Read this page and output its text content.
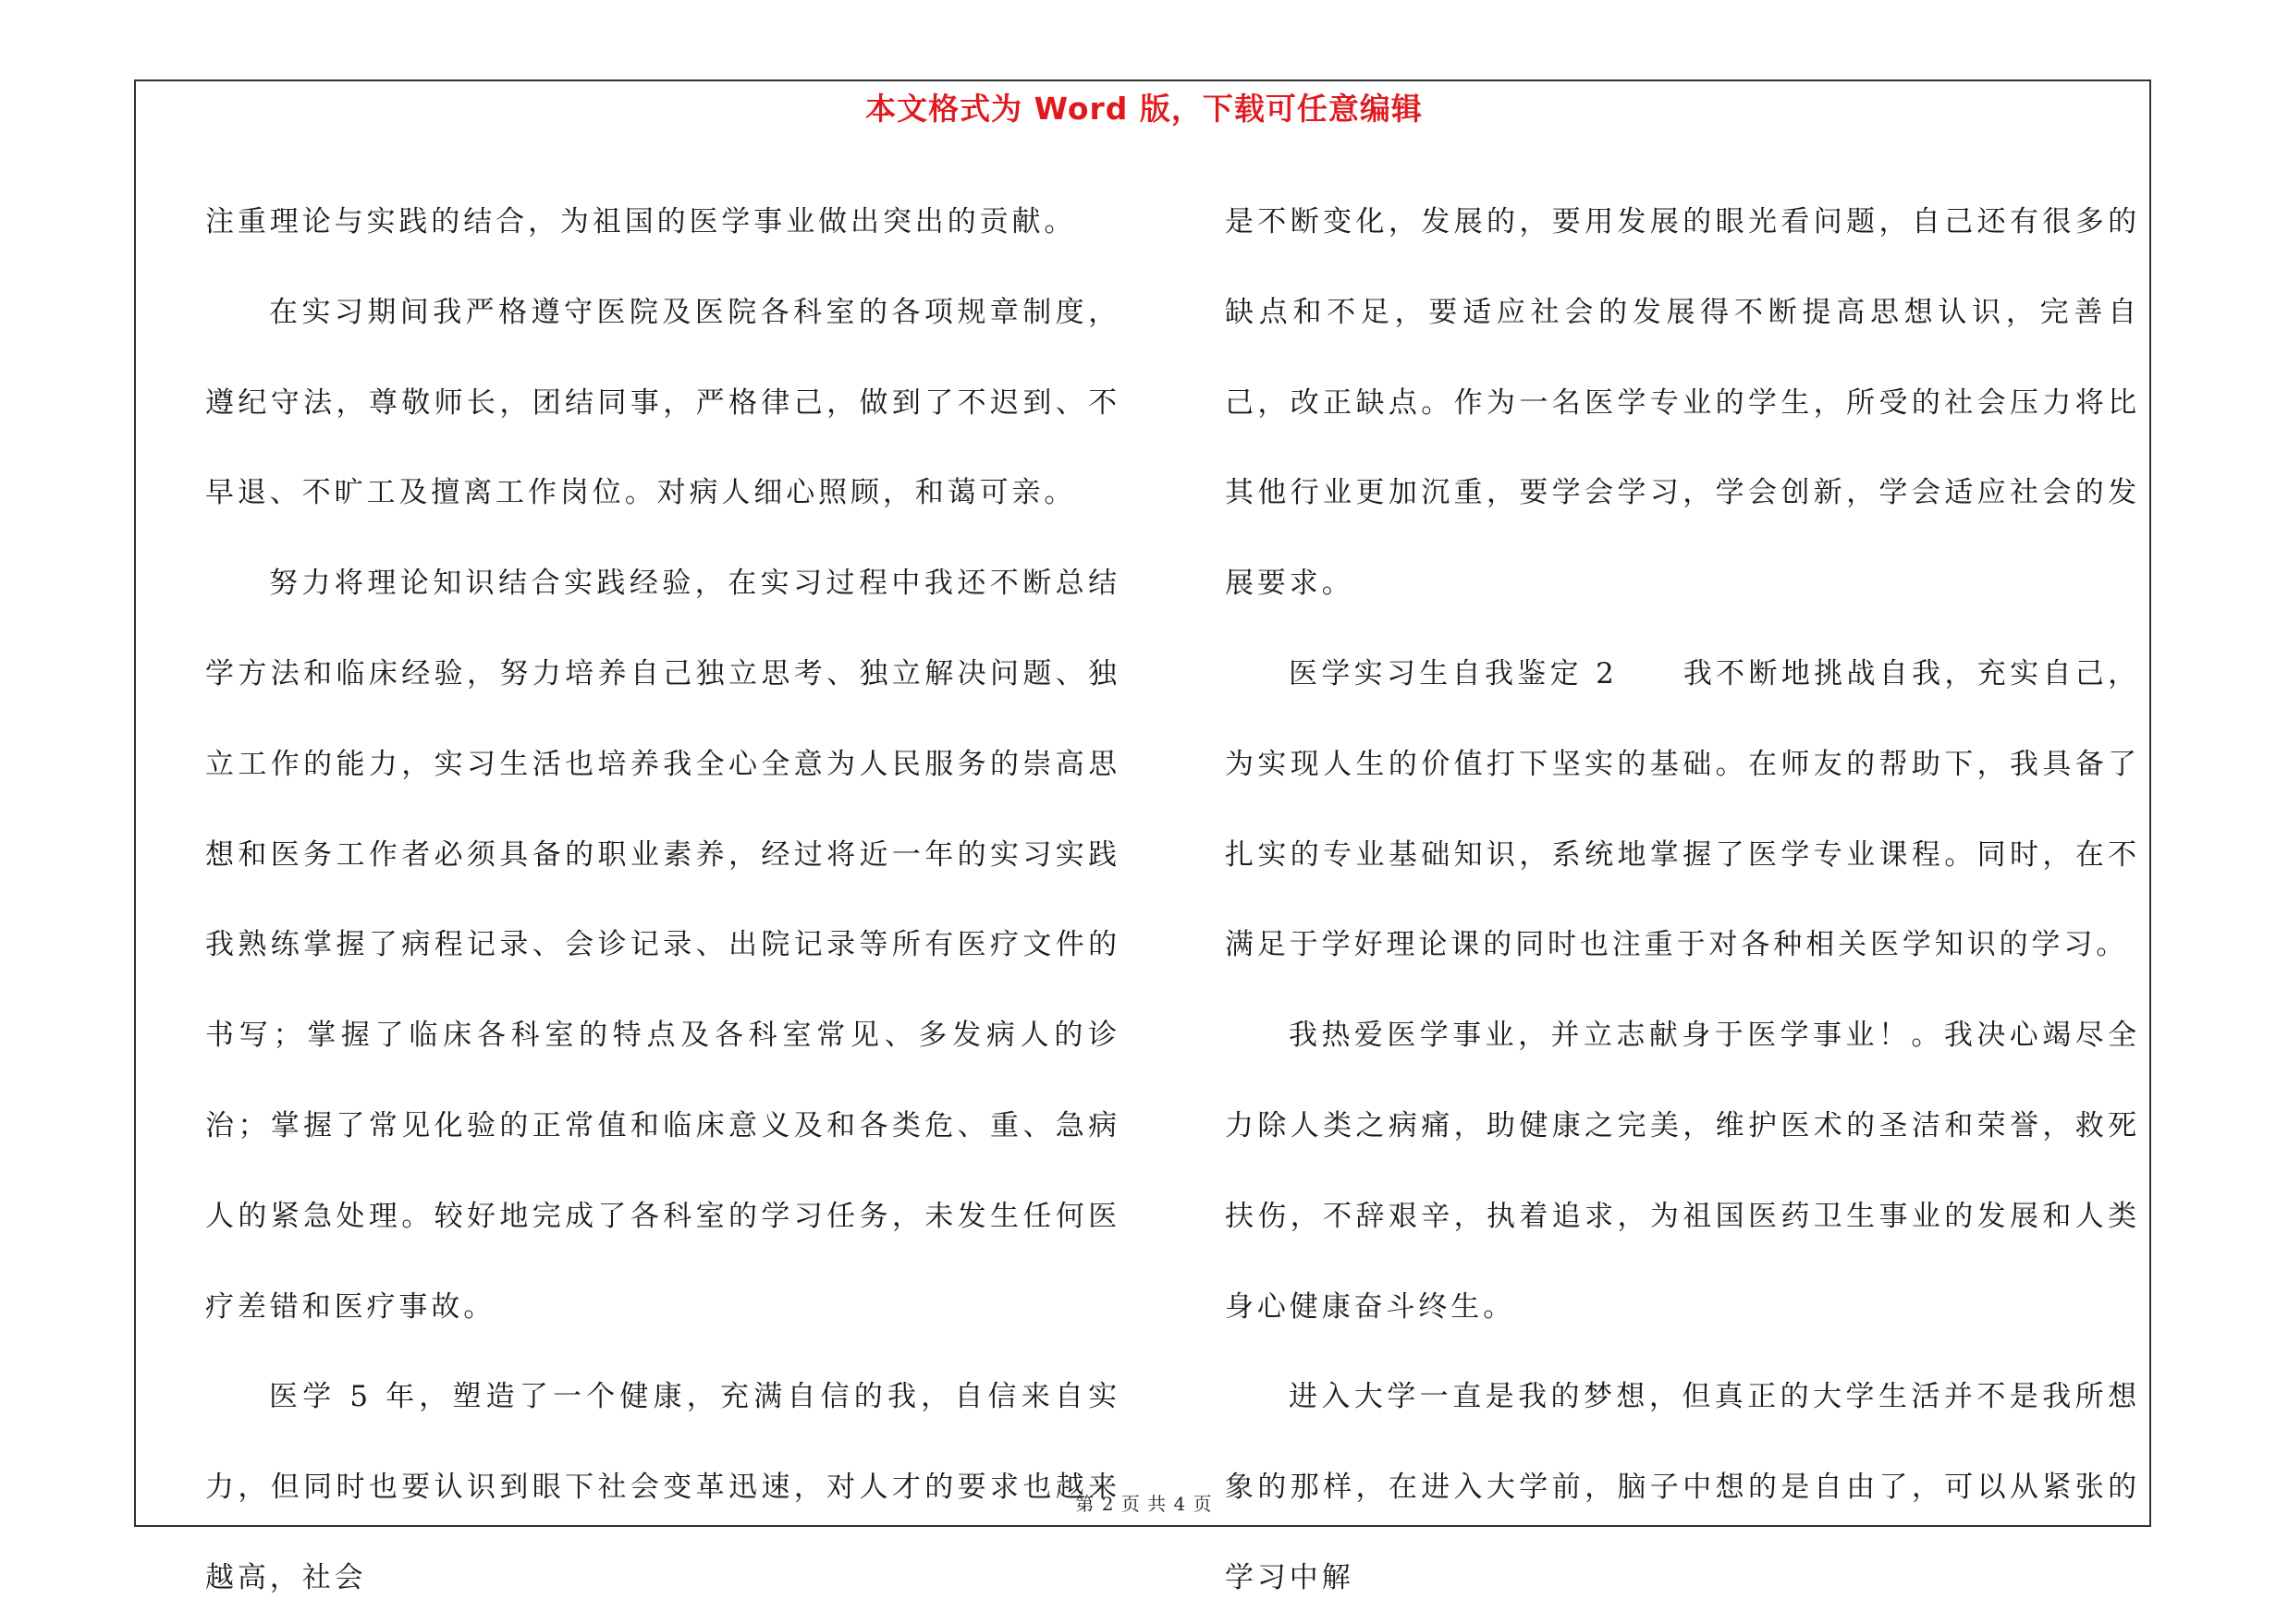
本文格式为 Word 版，下载可任意编辑

注重理论与实践的结合，为祖国的医学事业做出突出的贡献。

在实习期间我严格遵守医院及医院各科室的各项规章制度，遵纪守法，尊敬师长，团结同事，严格律己，做到了不迟到、不早退、不旷工及擅离工作岗位。对病人细心照顾，和蔼可亲。

努力将理论知识结合实践经验，在实习过程中我还不断总结学方法和临床经验，努力培养自己独立思考、独立解决问题、独立工作的能力，实习生活也培养我全心全意为人民服务的崇高思想和医务工作者必须具备的职业素养，经过将近一年的实习实践我熟练掌握了病程记录、会诊记录、出院记录等所有医疗文件的书写；掌握了临床各科室的特点及各科室常见、多发病人的诊治；掌握了常见化验的正常值和临床意义及和各类危、重、急病人的紧急处理。较好地完成了各科室的学习任务，未发生任何医疗差错和医疗事故。

医学 5 年，塑造了一个健康，充满自信的我，自信来自实力，但同时也要认识到眼下社会变革迅速，对人才的要求也越来越高，社会

是不断变化，发展的，要用发展的眼光看问题，自己还有很多的缺点和不足，要适应社会的发展得不断提高思想认识，完善自己，改正缺点。作为一名医学专业的学生，所受的社会压力将比其他行业更加沉重，要学会学习，学会创新，学会适应社会的发展要求。

医学实习生自我鉴定 2　　我不断地挑战自我，充实自己，为实现人生的价值打下坚实的基础。在师友的帮助下，我具备了扎实的专业基础知识，系统地掌握了医学专业课程。同时，在不满足于学好理论课的同时也注重于对各种相关医学知识的学习。

我热爱医学事业，并立志献身于医学事业！。我决心竭尽全力除人类之病痛，助健康之完美，维护医术的圣洁和荣誉，救死扶伤，不辞艰辛，执着追求，为祖国医药卫生事业的发展和人类身心健康奋斗终生。

进入大学一直是我的梦想，但真正的大学生活并不是我所想象的那样，在进入大学前，脑子中想的是自由了，可以从紧张的学习中解

第 2 页 共 4 页
